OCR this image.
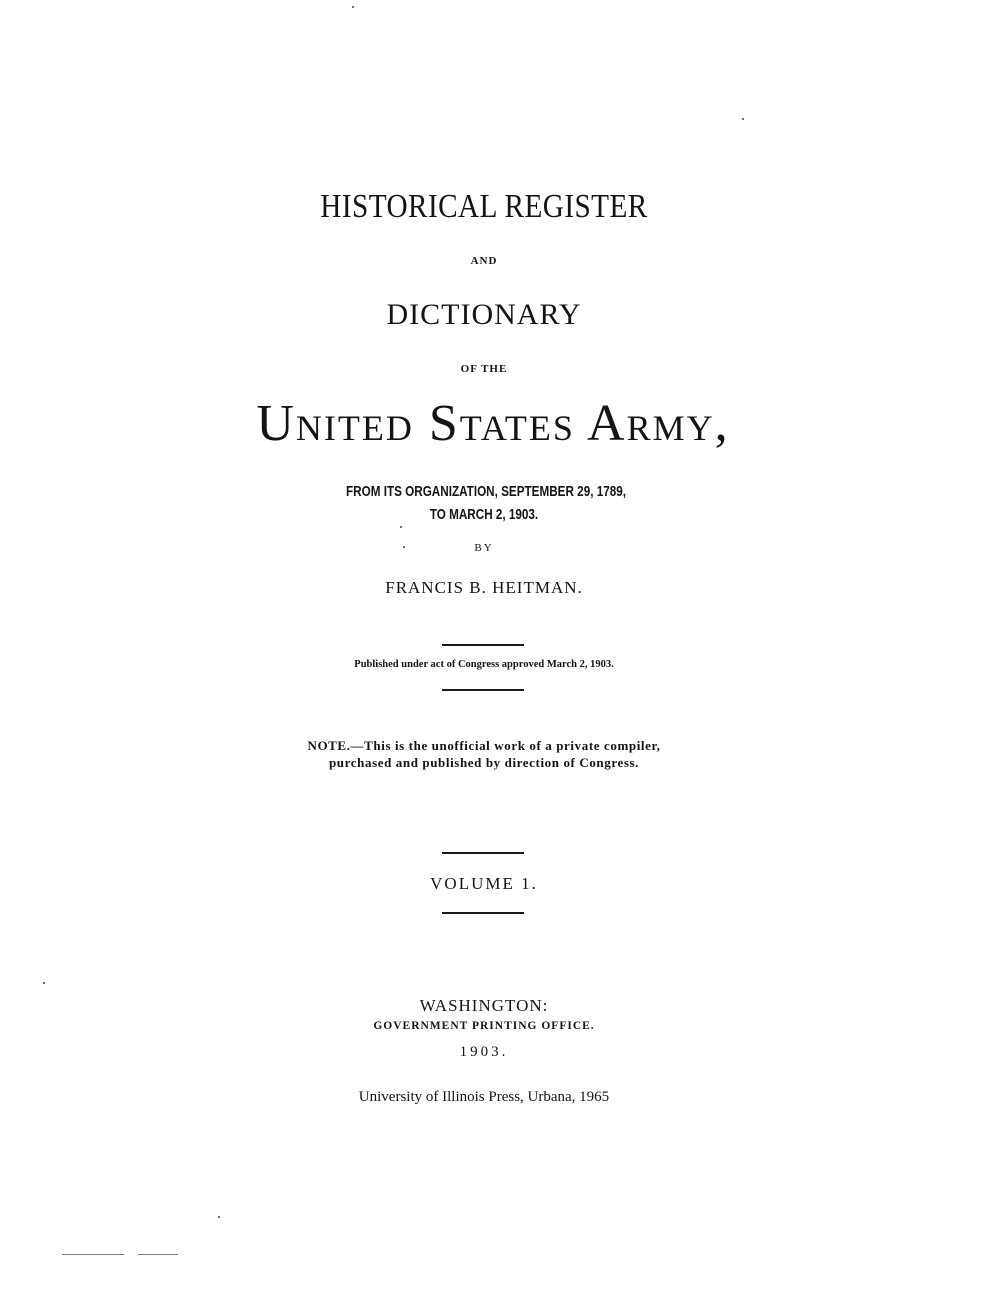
HISTORICAL REGISTER
AND
DICTIONARY
OF THE
United States Army,
FROM ITS ORGANIZATION, SEPTEMBER 29, 1789,
TO MARCH 2, 1903.
BY
FRANCIS B. HEITMAN.
Published under act of Congress approved March 2, 1903.
NOTE.—This is the unofficial work of a private compiler,
purchased and published by direction of Congress.
VOLUME 1.
WASHINGTON:
GOVERNMENT PRINTING OFFICE.
1903.
University of Illinois Press, Urbana, 1965
